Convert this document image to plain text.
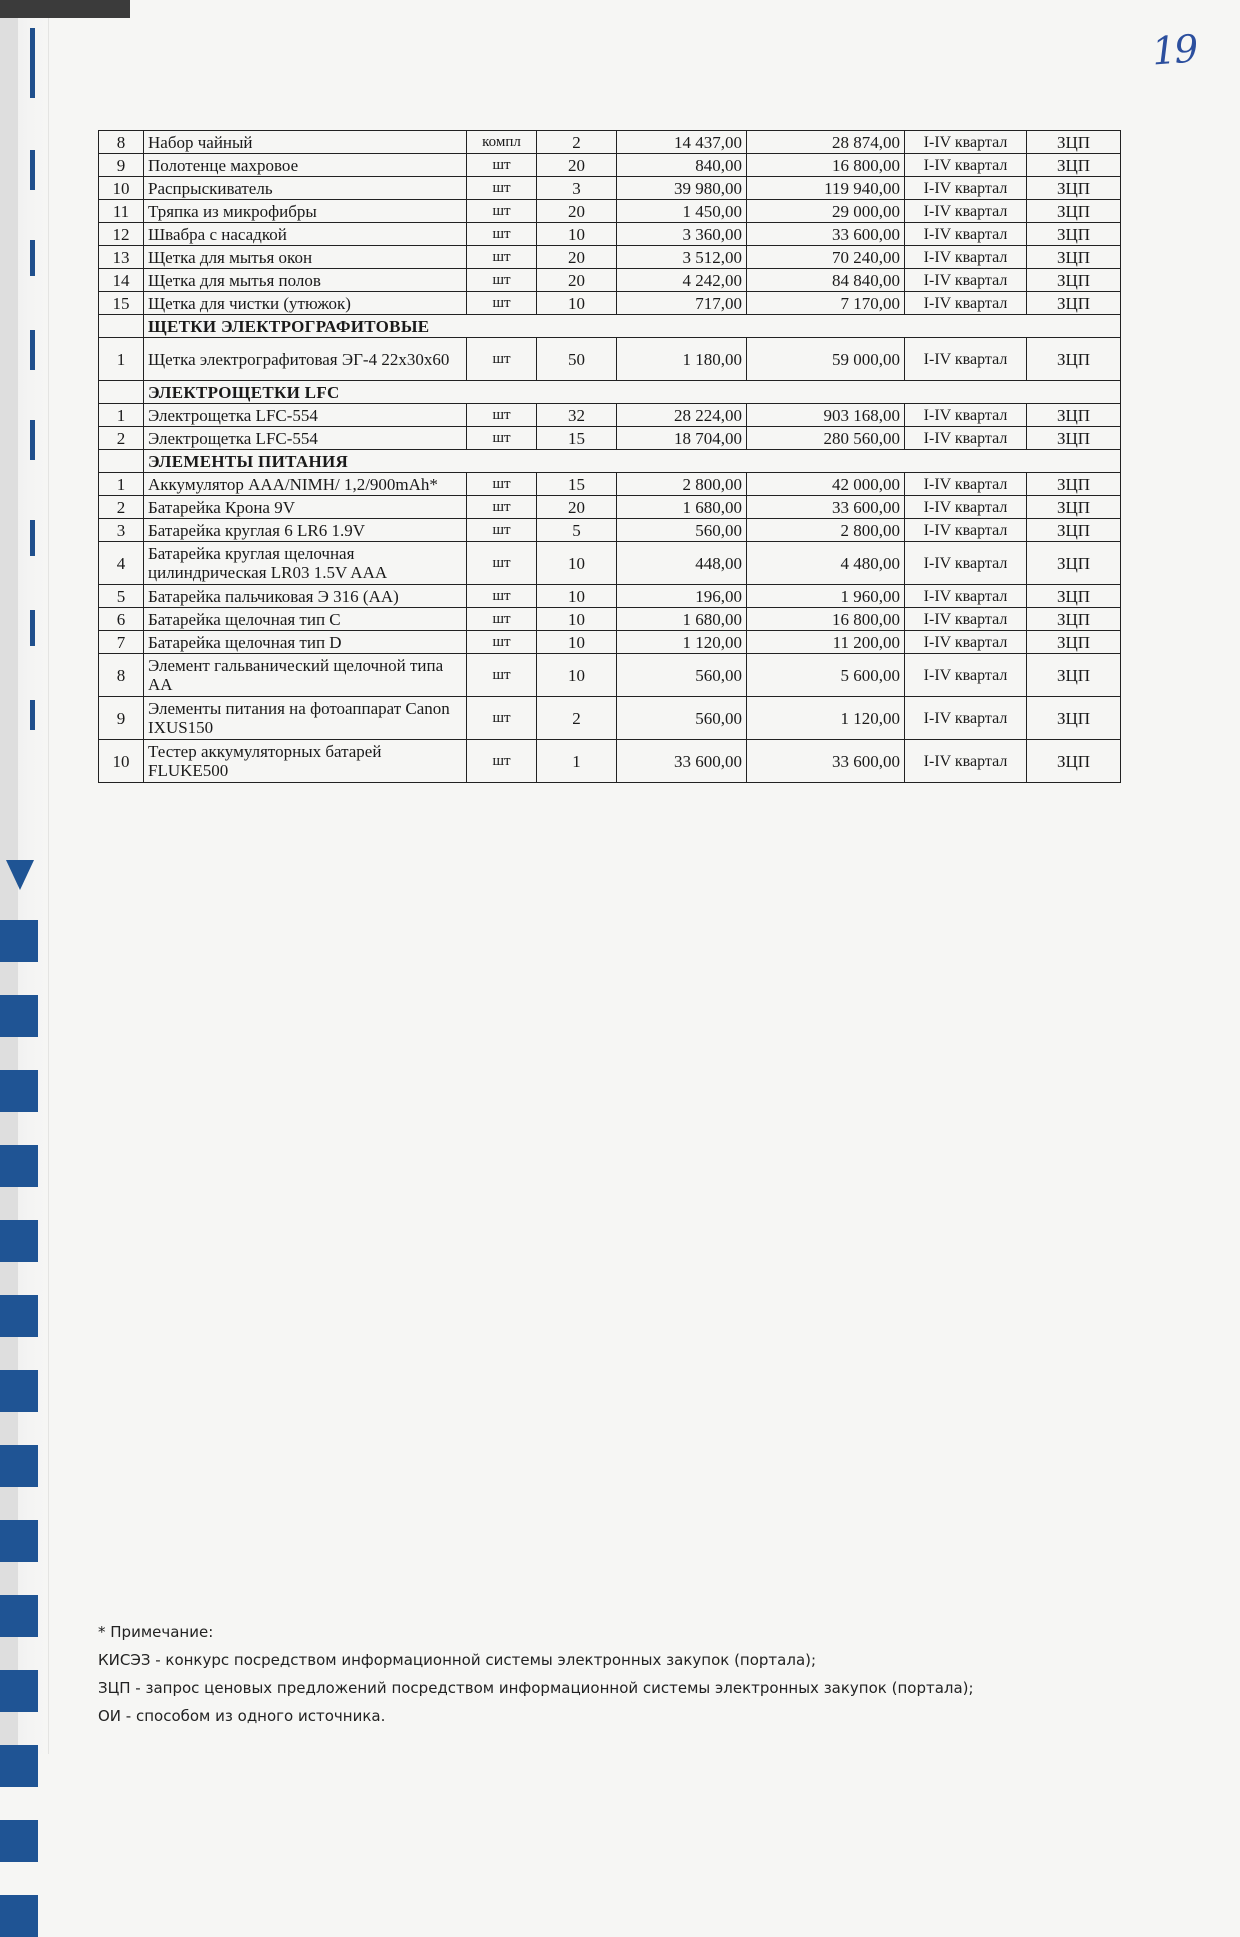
19
8	Набор чайный	компл	2	14 437,00	28 874,00	I-IV квартал	ЗЦП
9	Полотенце махровое	шт	20	840,00	16 800,00	I-IV квартал	ЗЦП
10	Распрыскиватель	шт	3	39 980,00	119 940,00	I-IV квартал	ЗЦП
11	Тряпка из микрофибры	шт	20	1 450,00	29 000,00	I-IV квартал	ЗЦП
12	Швабра с насадкой	шт	10	3 360,00	33 600,00	I-IV квартал	ЗЦП
13	Щетка для мытья окон	шт	20	3 512,00	70 240,00	I-IV квартал	ЗЦП
14	Щетка для мытья полов	шт	20	4 242,00	84 840,00	I-IV квартал	ЗЦП
15	Щетка для чистки (утюжок)	шт	10	717,00	7 170,00	I-IV квартал	ЗЦП
	ЩЕТКИ ЭЛЕКТРОГРАФИТОВЫЕ						
1	Щетка электрографитовая ЭГ-4 22x30x60	шт	50	1 180,00	59 000,00	I-IV квартал	ЗЦП
	ЭЛЕКТРОЩЕТКИ LFC						
1	Электрощетка LFC-554	шт	32	28 224,00	903 168,00	I-IV квартал	ЗЦП
2	Электрощетка LFC-554	шт	15	18 704,00	280 560,00	I-IV квартал	ЗЦП
	ЭЛЕМЕНТЫ ПИТАНИЯ						
1	Аккумулятор AAA/NIMH/ 1,2/900mAh*	шт	15	2 800,00	42 000,00	I-IV квартал	ЗЦП
2	Батарейка Крона 9V	шт	20	1 680,00	33 600,00	I-IV квартал	ЗЦП
3	Батарейка круглая 6 LR6 1.9V	шт	5	560,00	2 800,00	I-IV квартал	ЗЦП
4	Батарейка круглая щелочная цилиндрическая LR03 1.5V AAA	шт	10	448,00	4 480,00	I-IV квартал	ЗЦП
5	Батарейка пальчиковая Э 316 (АА)	шт	10	196,00	1 960,00	I-IV квартал	ЗЦП
6	Батарейка щелочная тип С	шт	10	1 680,00	16 800,00	I-IV квартал	ЗЦП
7	Батарейка щелочная тип D	шт	10	1 120,00	11 200,00	I-IV квартал	ЗЦП
8	Элемент гальванический щелочной типа АА	шт	10	560,00	5 600,00	I-IV квартал	ЗЦП
9	Элементы питания на фотоаппарат Canon IXUS150	шт	2	560,00	1 120,00	I-IV квартал	ЗЦП
10	Тестер аккумуляторных батарей FLUKE500	шт	1	33 600,00	33 600,00	I-IV квартал	ЗЦП
* Примечание:
КИСЭЗ - конкурс посредством информационной системы электронных закупок (портала);
ЗЦП - запрос ценовых предложений посредством информационной системы электронных закупок (портала);
ОИ - способом из одного источника.
